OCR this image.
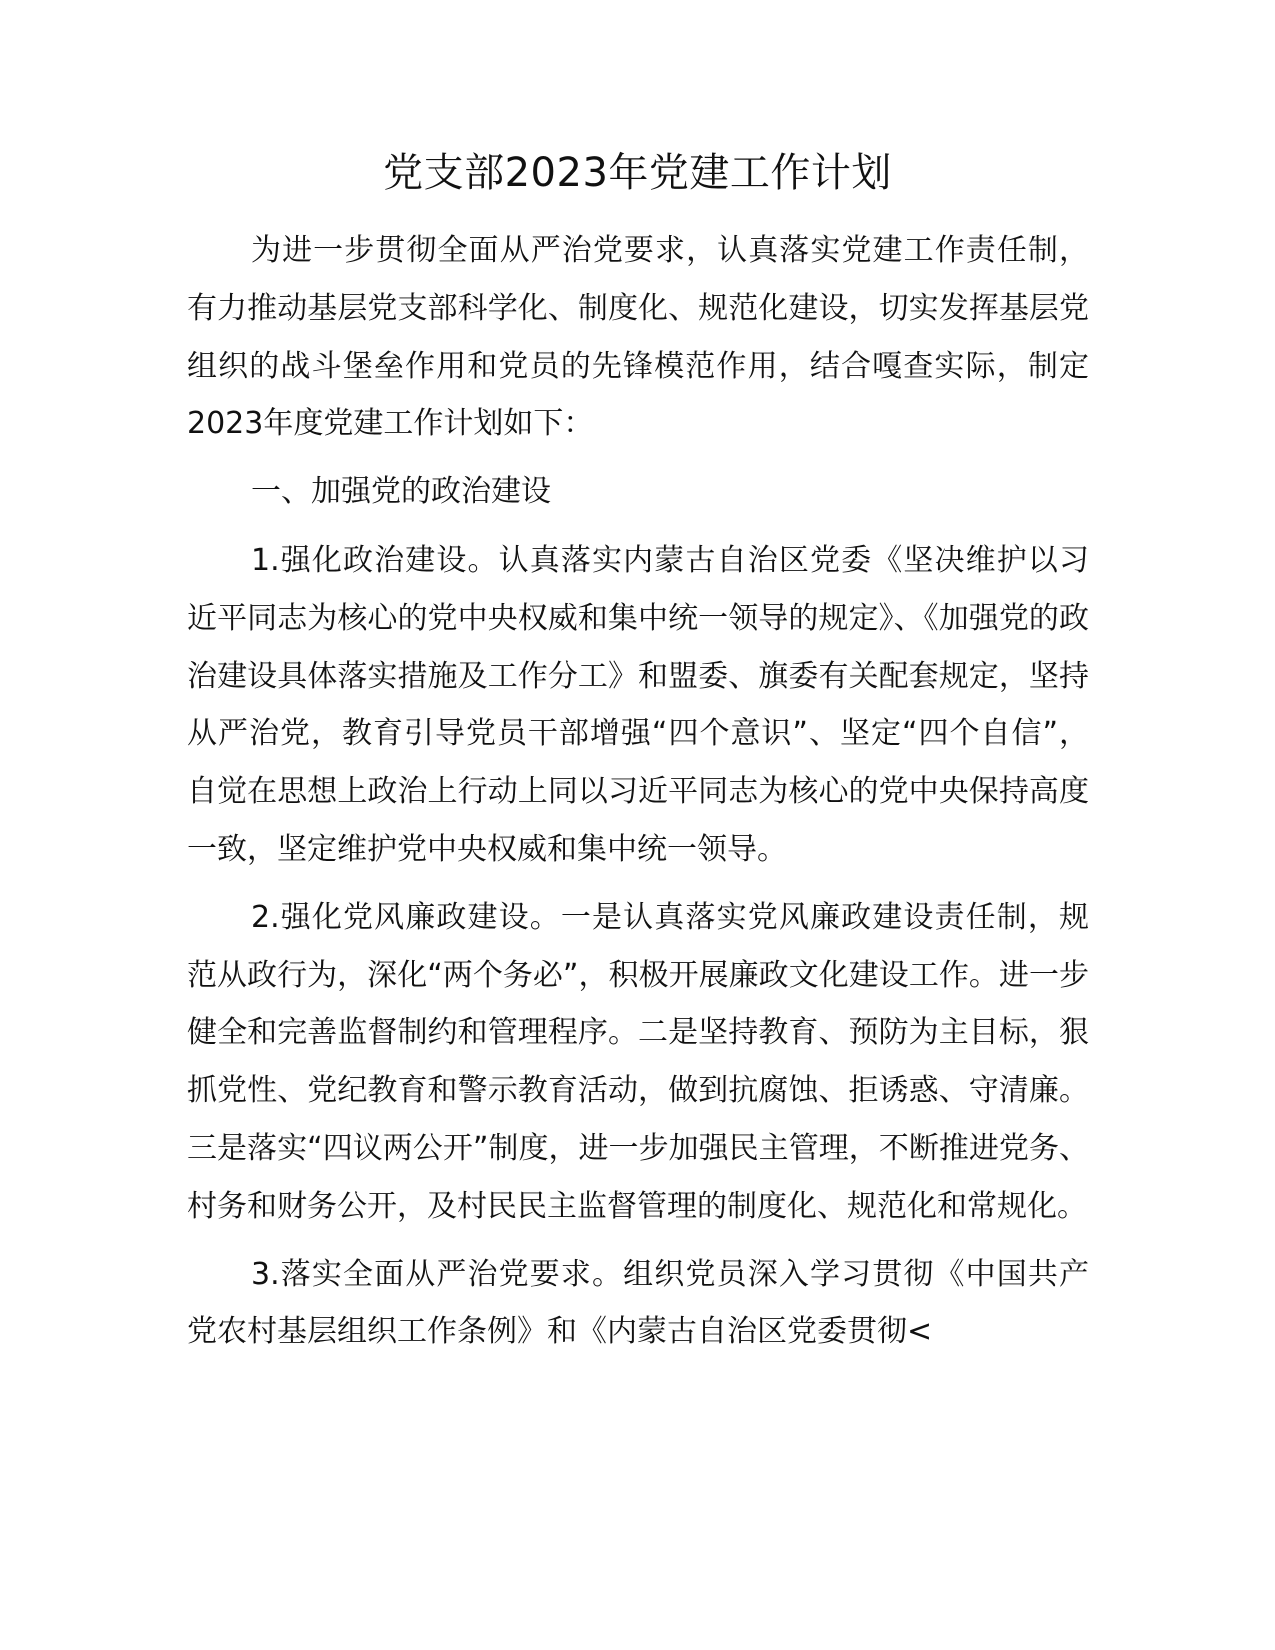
党支部2023年党建工作计划

为进一步贯彻全面从严治党要求，认真落实党建工作责任制，有力推动基层党支部科学化、制度化、规范化建设，切实发挥基层党组织的战斗堡垒作用和党员的先锋模范作用，结合嘎查实际，制定2023年度党建工作计划如下：

一、加强党的政治建设

1.强化政治建设。认真落实内蒙古自治区党委《坚决维护以习近平同志为核心的党中央权威和集中统一领导的规定》、《加强党的政治建设具体落实措施及工作分工》和盟委、旗委有关配套规定，坚持从严治党，教育引导党员干部增强“四个意识”、坚定“四个自信”，自觉在思想上政治上行动上同以习近平同志为核心的党中央保持高度一致，坚定维护党中央权威和集中统一领导。

2.强化党风廉政建设。一是认真落实党风廉政建设责任制，规范从政行为，深化“两个务必”，积极开展廉政文化建设工作。进一步健全和完善监督制约和管理程序。二是坚持教育、预防为主目标，狠抓党性、党纪教育和警示教育活动，做到抗腐蚀、拒诱惑、守清廉。三是落实“四议两公开”制度，进一步加强民主管理，不断推进党务、村务和财务公开，及村民民主监督管理的制度化、规范化和常规化。

3.落实全面从严治党要求。组织党员深入学习贯彻《中国共产党农村基层组织工作条例》和《内蒙古自治区党委贯彻<
